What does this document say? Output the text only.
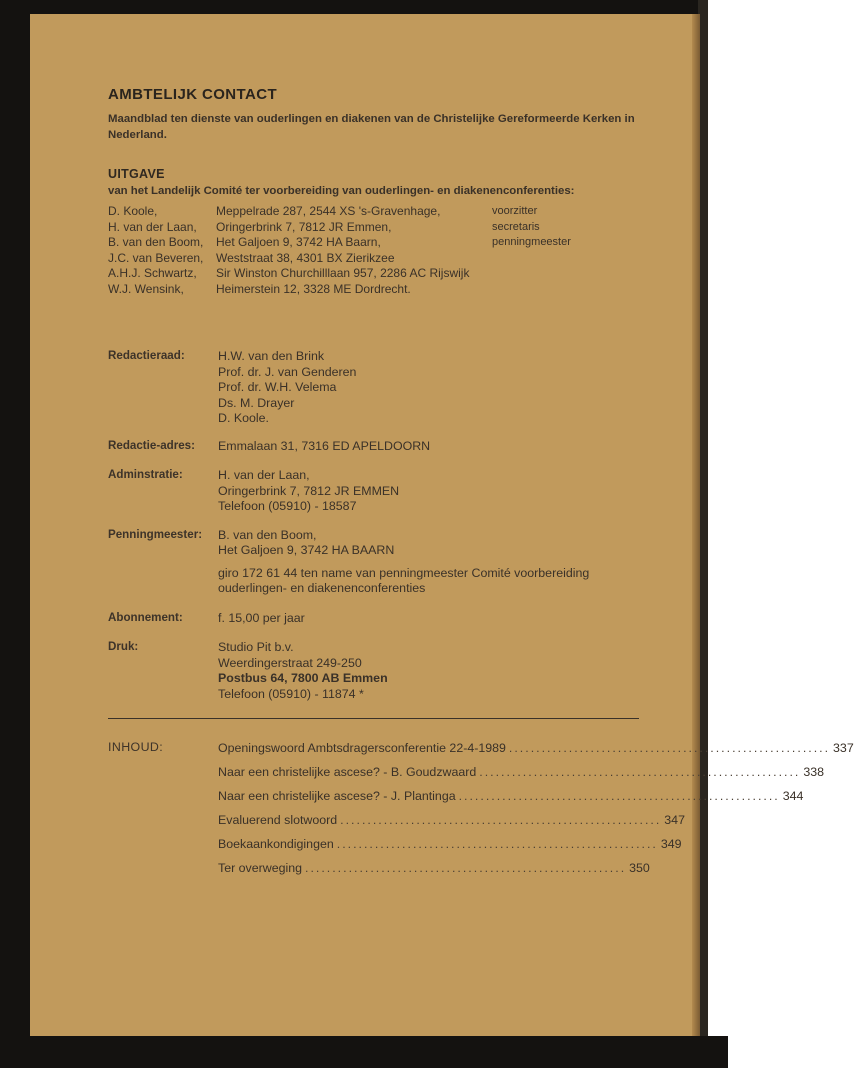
AMBTELIJK CONTACT
Maandblad ten dienste van ouderlingen en diakenen van de Christelijke Gereformeerde Kerken in Nederland.
UITGAVE
van het Landelijk Comité ter voorbereiding van ouderlingen- en diakenenconferenties:
D. Koole,	Meppelrade 287, 2544 XS 's-Gravenhage,	voorzitter
H. van der Laan,	Oringerbrink 7, 7812 JR Emmen,	secretaris
B. van den Boom,	Het Galjoen 9, 3742 HA Baarn,	penningmeester
J.C. van Beveren,	Weststraat 38, 4301 BX Zierikzee
A.H.J. Schwartz,	Sir Winston Churchilllaan 957, 2286 AC Rijswijk
W.J. Wensink,	Heimerstein 12, 3328 ME Dordrecht.
Redactieraad:	H.W. van den Brink
Prof. dr. J. van Genderen
Prof. dr. W.H. Velema
Ds. M. Drayer
D. Koole.
Redactie-adres:	Emmalaan 31, 7316 ED APELDOORN
Adminstratie:	H. van der Laan,
Oringerbrink 7, 7812 JR EMMEN
Telefoon (05910) - 18587
Penningmeester:	B. van den Boom,
Het Galjoen 9, 3742 HA BAARN
giro 172 61 44 ten name van penningmeester Comité voorbereiding
ouderlingen- en diakenenconferenties
Abonnement:	f. 15,00 per jaar
Druk:	Studio Pit b.v.
Weerdingerstraat 249-250
Postbus 64, 7800 AB Emmen
Telefoon (05910) - 11874 *
INHOUD:	Openingswoord Ambtsdragersconferentie 22-4-1989 ........................................................... 337
Naar een christelijke ascese? - B. Goudzwaard ........................................................... 338
Naar een christelijke ascese? - J. Plantinga ........................................................... 344
Evaluerend slotwoord ........................................................... 347
Boekaankondigingen ........................................................... 349
Ter overweging ........................................................... 350
